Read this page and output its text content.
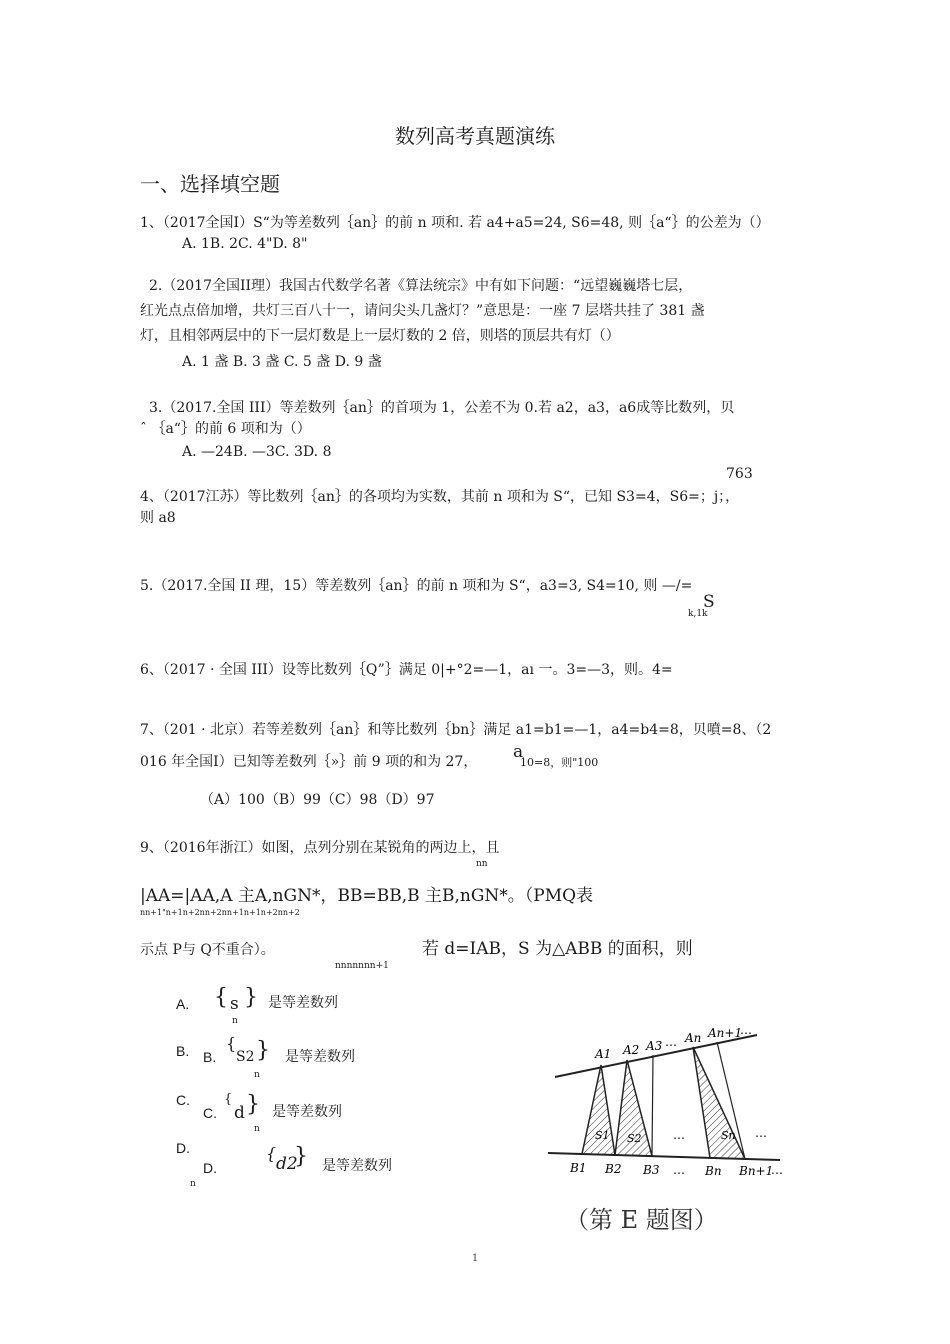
数列高考真题演练
一、选择填空题
1、（2017全国Ⅰ）S“为等差数列｛an｝的前 n 项和. 若 a4+a5=24, S6=48, 则｛a“｝的公差为（）
A. 1B. 2C. 4"D. 8"
2.（2017全国II理）我国古代数学名著《算法统宗》中有如下问题：“远望巍巍塔七层，
红光点点倍加增，共灯三百八十一，请问尖头几盏灯？”意思是：一座 7 层塔共挂了 381 盏
灯，且相邻两层中的下一层灯数是上一层灯数的 2 倍，则塔的顶层共有灯（）
A. 1 盏 B. 3 盏 C. 5 盏 D. 9 盏
3.（2017.全国 III）等差数列｛an｝的首项为 1，公差不为 0.若 a2，a3，a6成等比数列，贝
ˆ ｛a“｝的前 6 项和为（）
A. —24B. —3C. 3D. 8
763
4、（2017江苏）等比数列｛an｝的各项均为实数，其前 n 项和为 S“，已知 S3=4，S6=；j；，
则 a8
5.（2017.全国 II 理，15）等差数列｛an｝的前 n 项和为 S“，a3=3, S4=10, 则 —/=
S
k,1k
6、（2017 · 全国 III）设等比数列｛Q”｝满足 0|+°2=—1，aı 一。3=—3，则。4=
7、（201 · 北京）若等差数列｛an｝和等比数列｛bn｝满足 a1=b1=—1，a4=b4=8，贝噴=8、（2
016 年全国Ⅰ）已知等差数列｛»｝前 9 项的和为 27， a
10=8，则"100
（A）100（B）99（C）98（D）97
9、（2016年浙江）如图，点列分别在某锐角的两边上，且
nn
|AA=|AA,A 主A,nGN*，BB=BB,B 主B,nGN*。（PMQ表
nn+1"n+1n+2nn+2nn+1n+1n+2nn+2
示点 P与 Q不重合）。	若 d=IAB，S 为△ABB 的面积，则
nnnnnnn+1
A. { s }
n
是等差数列
B. B.
{
S2 }
n
是等差数列
C.
C.
{
d }
n
是等差数列
D.
D.
n
{
d2
} 是等差数列
A1 A2 A3 … An An+1
…
B1 B2 B3 … Bn Bn+1
…
S1 S2	Sn
…	…
（第 E 题图）
1
